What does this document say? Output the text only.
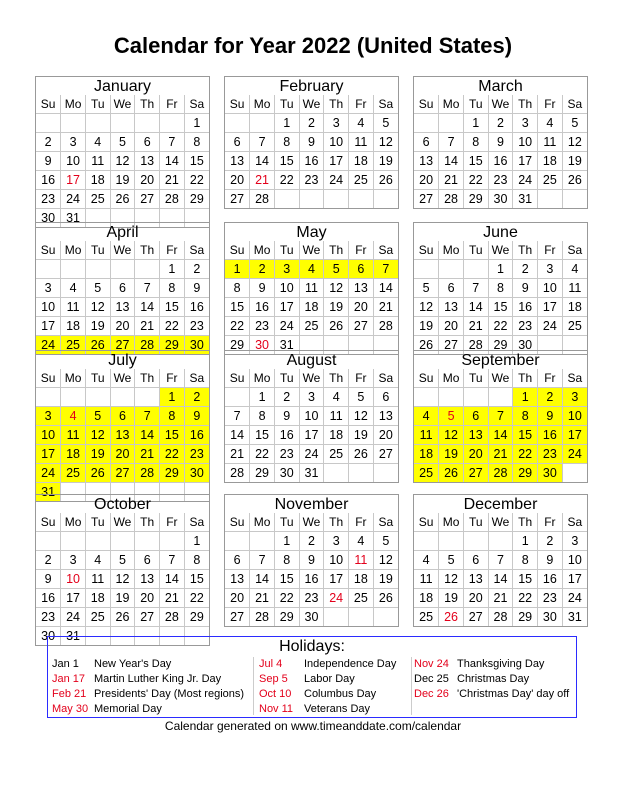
Calendar for Year 2022 (United States)
January
Su	Mo	Tu	We	Th	Fr	Sa
						1
2	3	4	5	6	7	8
9	10	11	12	13	14	15
16	17	18	19	20	21	22
23	24	25	26	27	28	29
30	31					
February
Su	Mo	Tu	We	Th	Fr	Sa
		1	2	3	4	5
6	7	8	9	10	11	12
13	14	15	16	17	18	19
20	21	22	23	24	25	26
27	28					
March
Su	Mo	Tu	We	Th	Fr	Sa
		1	2	3	4	5
6	7	8	9	10	11	12
13	14	15	16	17	18	19
20	21	22	23	24	25	26
27	28	29	30	31		
April
Su	Mo	Tu	We	Th	Fr	Sa
					1	2
3	4	5	6	7	8	9
10	11	12	13	14	15	16
17	18	19	20	21	22	23
24	25	26	27	28	29	30
May
Su	Mo	Tu	We	Th	Fr	Sa
1	2	3	4	5	6	7
8	9	10	11	12	13	14
15	16	17	18	19	20	21
22	23	24	25	26	27	28
29	30	31				
June
Su	Mo	Tu	We	Th	Fr	Sa
			1	2	3	4
5	6	7	8	9	10	11
12	13	14	15	16	17	18
19	20	21	22	23	24	25
26	27	28	29	30		
July
Su	Mo	Tu	We	Th	Fr	Sa
					1	2
3	4	5	6	7	8	9
10	11	12	13	14	15	16
17	18	19	20	21	22	23
24	25	26	27	28	29	30
31						
August
Su	Mo	Tu	We	Th	Fr	Sa
	1	2	3	4	5	6
7	8	9	10	11	12	13
14	15	16	17	18	19	20
21	22	23	24	25	26	27
28	29	30	31			
September
Su	Mo	Tu	We	Th	Fr	Sa
				1	2	3
4	5	6	7	8	9	10
11	12	13	14	15	16	17
18	19	20	21	22	23	24
25	26	27	28	29	30	
October
Su	Mo	Tu	We	Th	Fr	Sa
						1
2	3	4	5	6	7	8
9	10	11	12	13	14	15
16	17	18	19	20	21	22
23	24	25	26	27	28	29
30	31					
November
Su	Mo	Tu	We	Th	Fr	Sa
		1	2	3	4	5
6	7	8	9	10	11	12
13	14	15	16	17	18	19
20	21	22	23	24	25	26
27	28	29	30			
December
Su	Mo	Tu	We	Th	Fr	Sa
				1	2	3
4	5	6	7	8	9	10
11	12	13	14	15	16	17
18	19	20	21	22	23	24
25	26	27	28	29	30	31
Holidays:
Jan 1 New Year's Day
Jan 17 Martin Luther King Jr. Day
Feb 21 Presidents' Day (Most regions)
May 30 Memorial Day
Jul 4 Independence Day
Sep 5 Labor Day
Oct 10 Columbus Day
Nov 11 Veterans Day
Nov 24 Thanksgiving Day
Dec 25 Christmas Day
Dec 26 'Christmas Day' day off
Calendar generated on www.timeanddate.com/calendar
